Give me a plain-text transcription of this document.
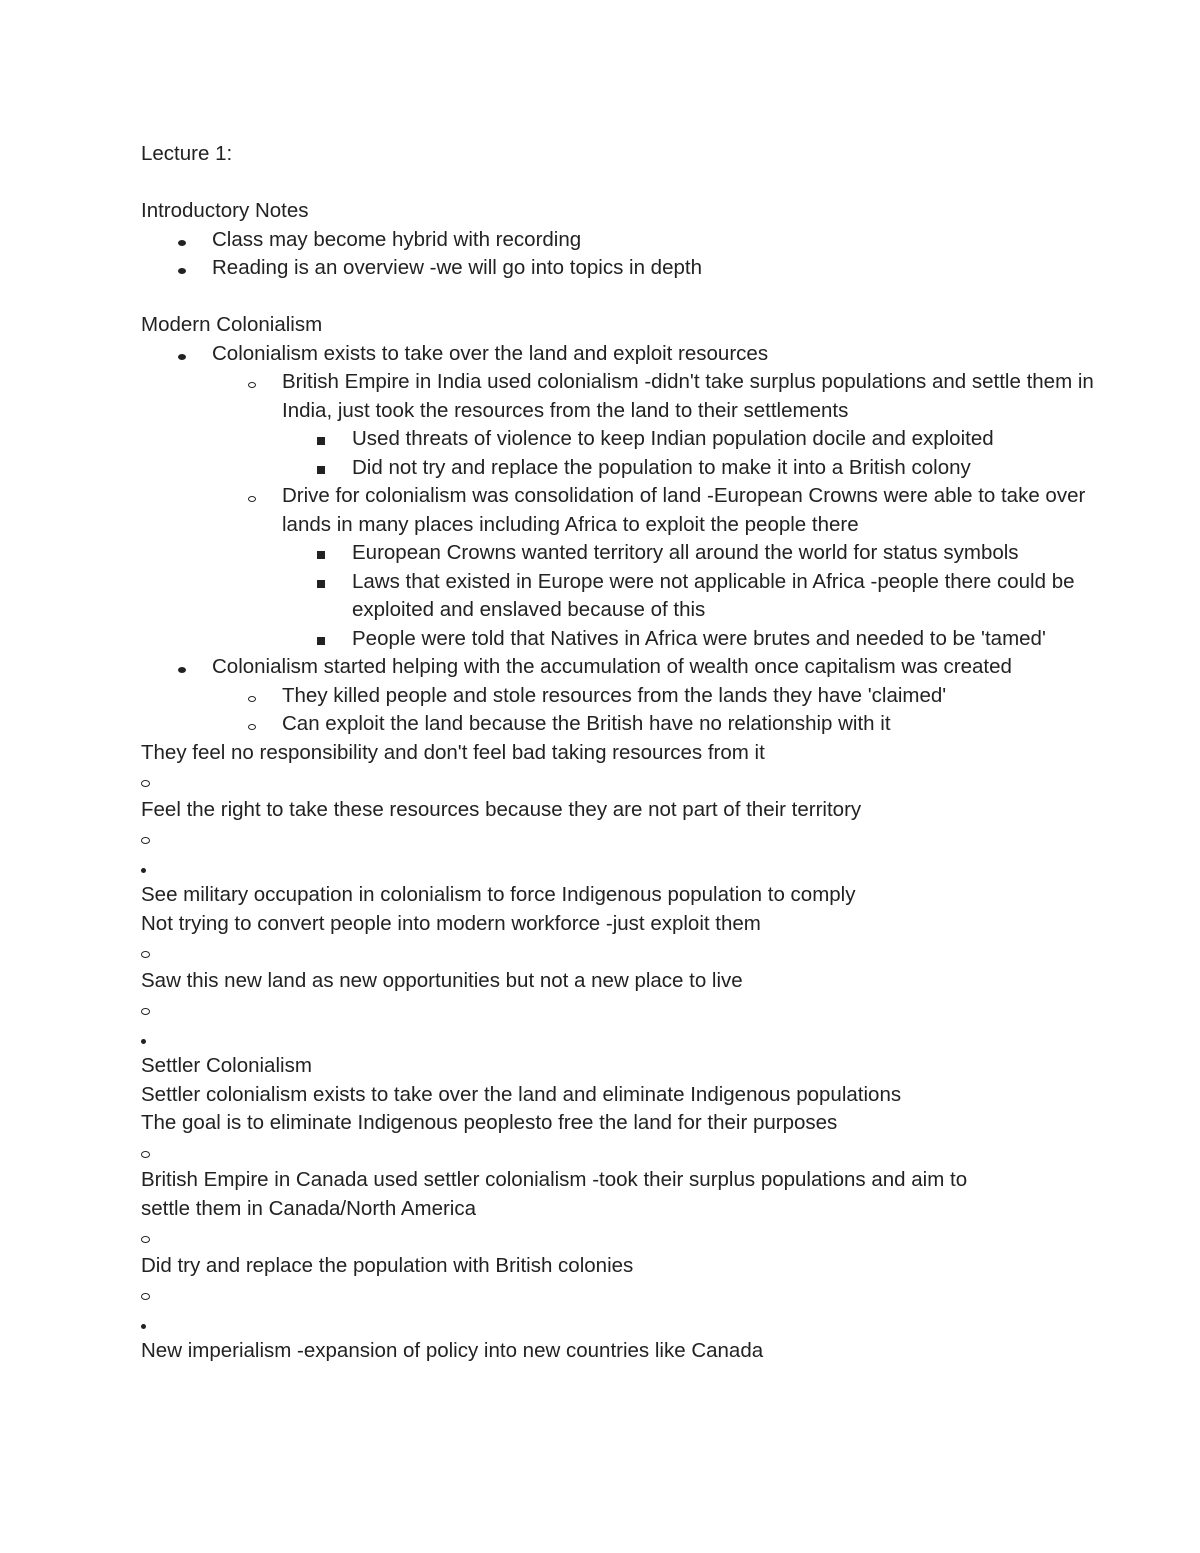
Lecture 1:
Introductory Notes
Class may become hybrid with recording
Reading is an overview -we will go into topics in depth
Modern Colonialism
Colonialism exists to take over the land and exploit resources
British Empire in India used colonialism -didn't take surplus populations and settle them in India, just took the resources from the land to their settlements
Used threats of violence to keep Indian population docile and exploited
Did not try and replace the population to make it into a British colony
Drive for colonialism was consolidation of land -European Crowns were able to take over lands in many places including Africa to exploit the people there
European Crowns wanted territory all around the world for status symbols
Laws that existed in Europe were not applicable in Africa -people there could be exploited and enslaved because of this
People were told that Natives in Africa were brutes and needed to be 'tamed'
Colonialism started helping with the accumulation of wealth once capitalism was created
They killed people and stole resources from the lands they have 'claimed'
Can exploit the land because the British have no relationship with it
They feel no responsibility and don't feel bad taking resources from it
Feel the right to take these resources because they are not part of their territory
See military occupation in colonialism to force Indigenous population to comply
Not trying to convert people into modern workforce -just exploit them
Saw this new land as new opportunities but not a new place to live
Settler Colonialism
Settler colonialism exists to take over the land and eliminate Indigenous populations
The goal is to eliminate Indigenous peoplesto free the land for their purposes
British Empire in Canada used settler colonialism -took their surplus populations and aim to settle them in Canada/North America
Did try and replace the population with British colonies
New imperialism -expansion of policy into new countries like Canada
